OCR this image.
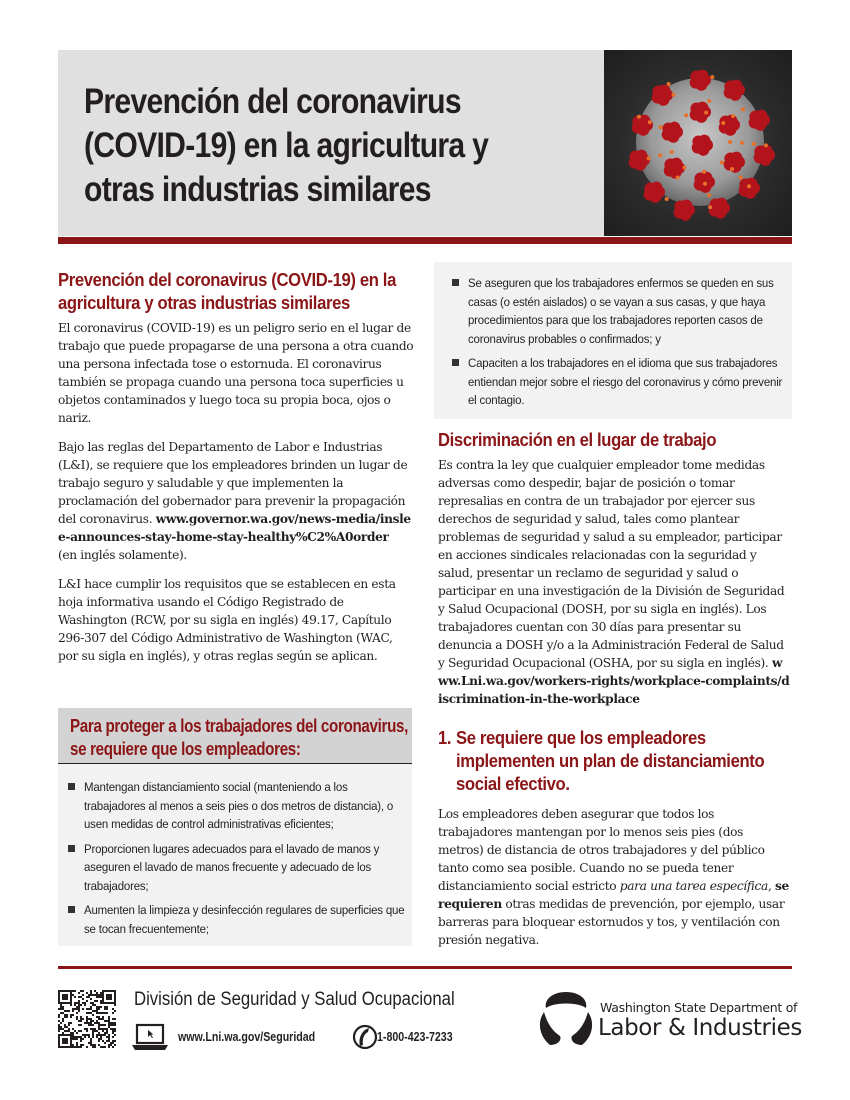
Prevención del coronavirus
(COVID-19) en la agricultura y
otras industrias similares
Prevención del coronavirus (COVID-19) en la agricultura y otras industrias similares

El coronavirus (COVID-19) es un peligro serio en el lugar de trabajo que puede propagarse de una persona a otra cuando una persona infectada tose o estornuda. El coronavirus también se propaga cuando una persona toca superficies u objetos contaminados y luego toca su propia boca, ojos o nariz.

Bajo las reglas del Departamento de Labor e Industrias (L&I), se requiere que los empleadores brinden un lugar de trabajo seguro y saludable y que implementen la proclamación del gobernador para prevenir la propagación del coronavirus. www.governor.wa.gov/news-media/inslee-announces-stay-home-stay-healthy%C2%A0order
(en inglés solamente).

L&I hace cumplir los requisitos que se establecen en esta hoja informativa usando el Código Registrado de Washington (RCW, por su sigla en inglés) 49.17, Capítulo 296-307 del Código Administrativo de Washington (WAC, por su sigla en inglés), y otras reglas según se aplican.

Para proteger a los trabajadores del coronavirus, se requiere que los empleadores:
Mantengan distanciamiento social (manteniendo a los trabajadores al menos a seis pies o dos metros de distancia), o usen medidas de control administrativas eficientes;
Proporcionen lugares adecuados para el lavado de manos y aseguren el lavado de manos frecuente y adecuado de los trabajadores;
Aumenten la limpieza y desinfección regulares de superficies que se tocan frecuentemente;
Se aseguren que los trabajadores enfermos se queden en sus casas (o estén aislados) o se vayan a sus casas, y que haya procedimientos para que los trabajadores reporten casos de coronavirus probables o confirmados; y
Capaciten a los trabajadores en el idioma que sus trabajadores entiendan mejor sobre el riesgo del coronavirus y cómo prevenir el contagio.
Discriminación en el lugar de trabajo

Es contra la ley que cualquier empleador tome medidas adversas como despedir, bajar de posición o tomar represalias en contra de un trabajador por ejercer sus derechos de seguridad y salud, tales como plantear problemas de seguridad y salud a su empleador, participar en acciones sindicales relacionadas con la seguridad y salud, presentar un reclamo de seguridad y salud o participar en una investigación de la División de Seguridad y Salud Ocupacional (DOSH, por su sigla en inglés). Los trabajadores cuentan con 30 días para presentar su denuncia a DOSH y/o a la Administración Federal de Salud y Seguridad Ocupacional (OSHA, por su sigla en inglés). www.Lni.wa.gov/workers-rights/workplace-complaints/discrimination-in-the-workplace

1. Se requiere que los empleadores implementen un plan de distanciamiento social efectivo.

Los empleadores deben asegurar que todos los trabajadores mantengan por lo menos seis pies (dos metros) de distancia de otros trabajadores y del público tanto como sea posible. Cuando no se pueda tener distanciamiento social estricto para una tarea específica, se requieren otras medidas de prevención, por ejemplo, usar barreras para bloquear estornudos y tos, y ventilación con presión negativa.

División de Seguridad y Salud Ocupacional
www.Lni.wa.gov/Seguridad	1-800-423-7233
Washington State Department of
Labor & Industries
